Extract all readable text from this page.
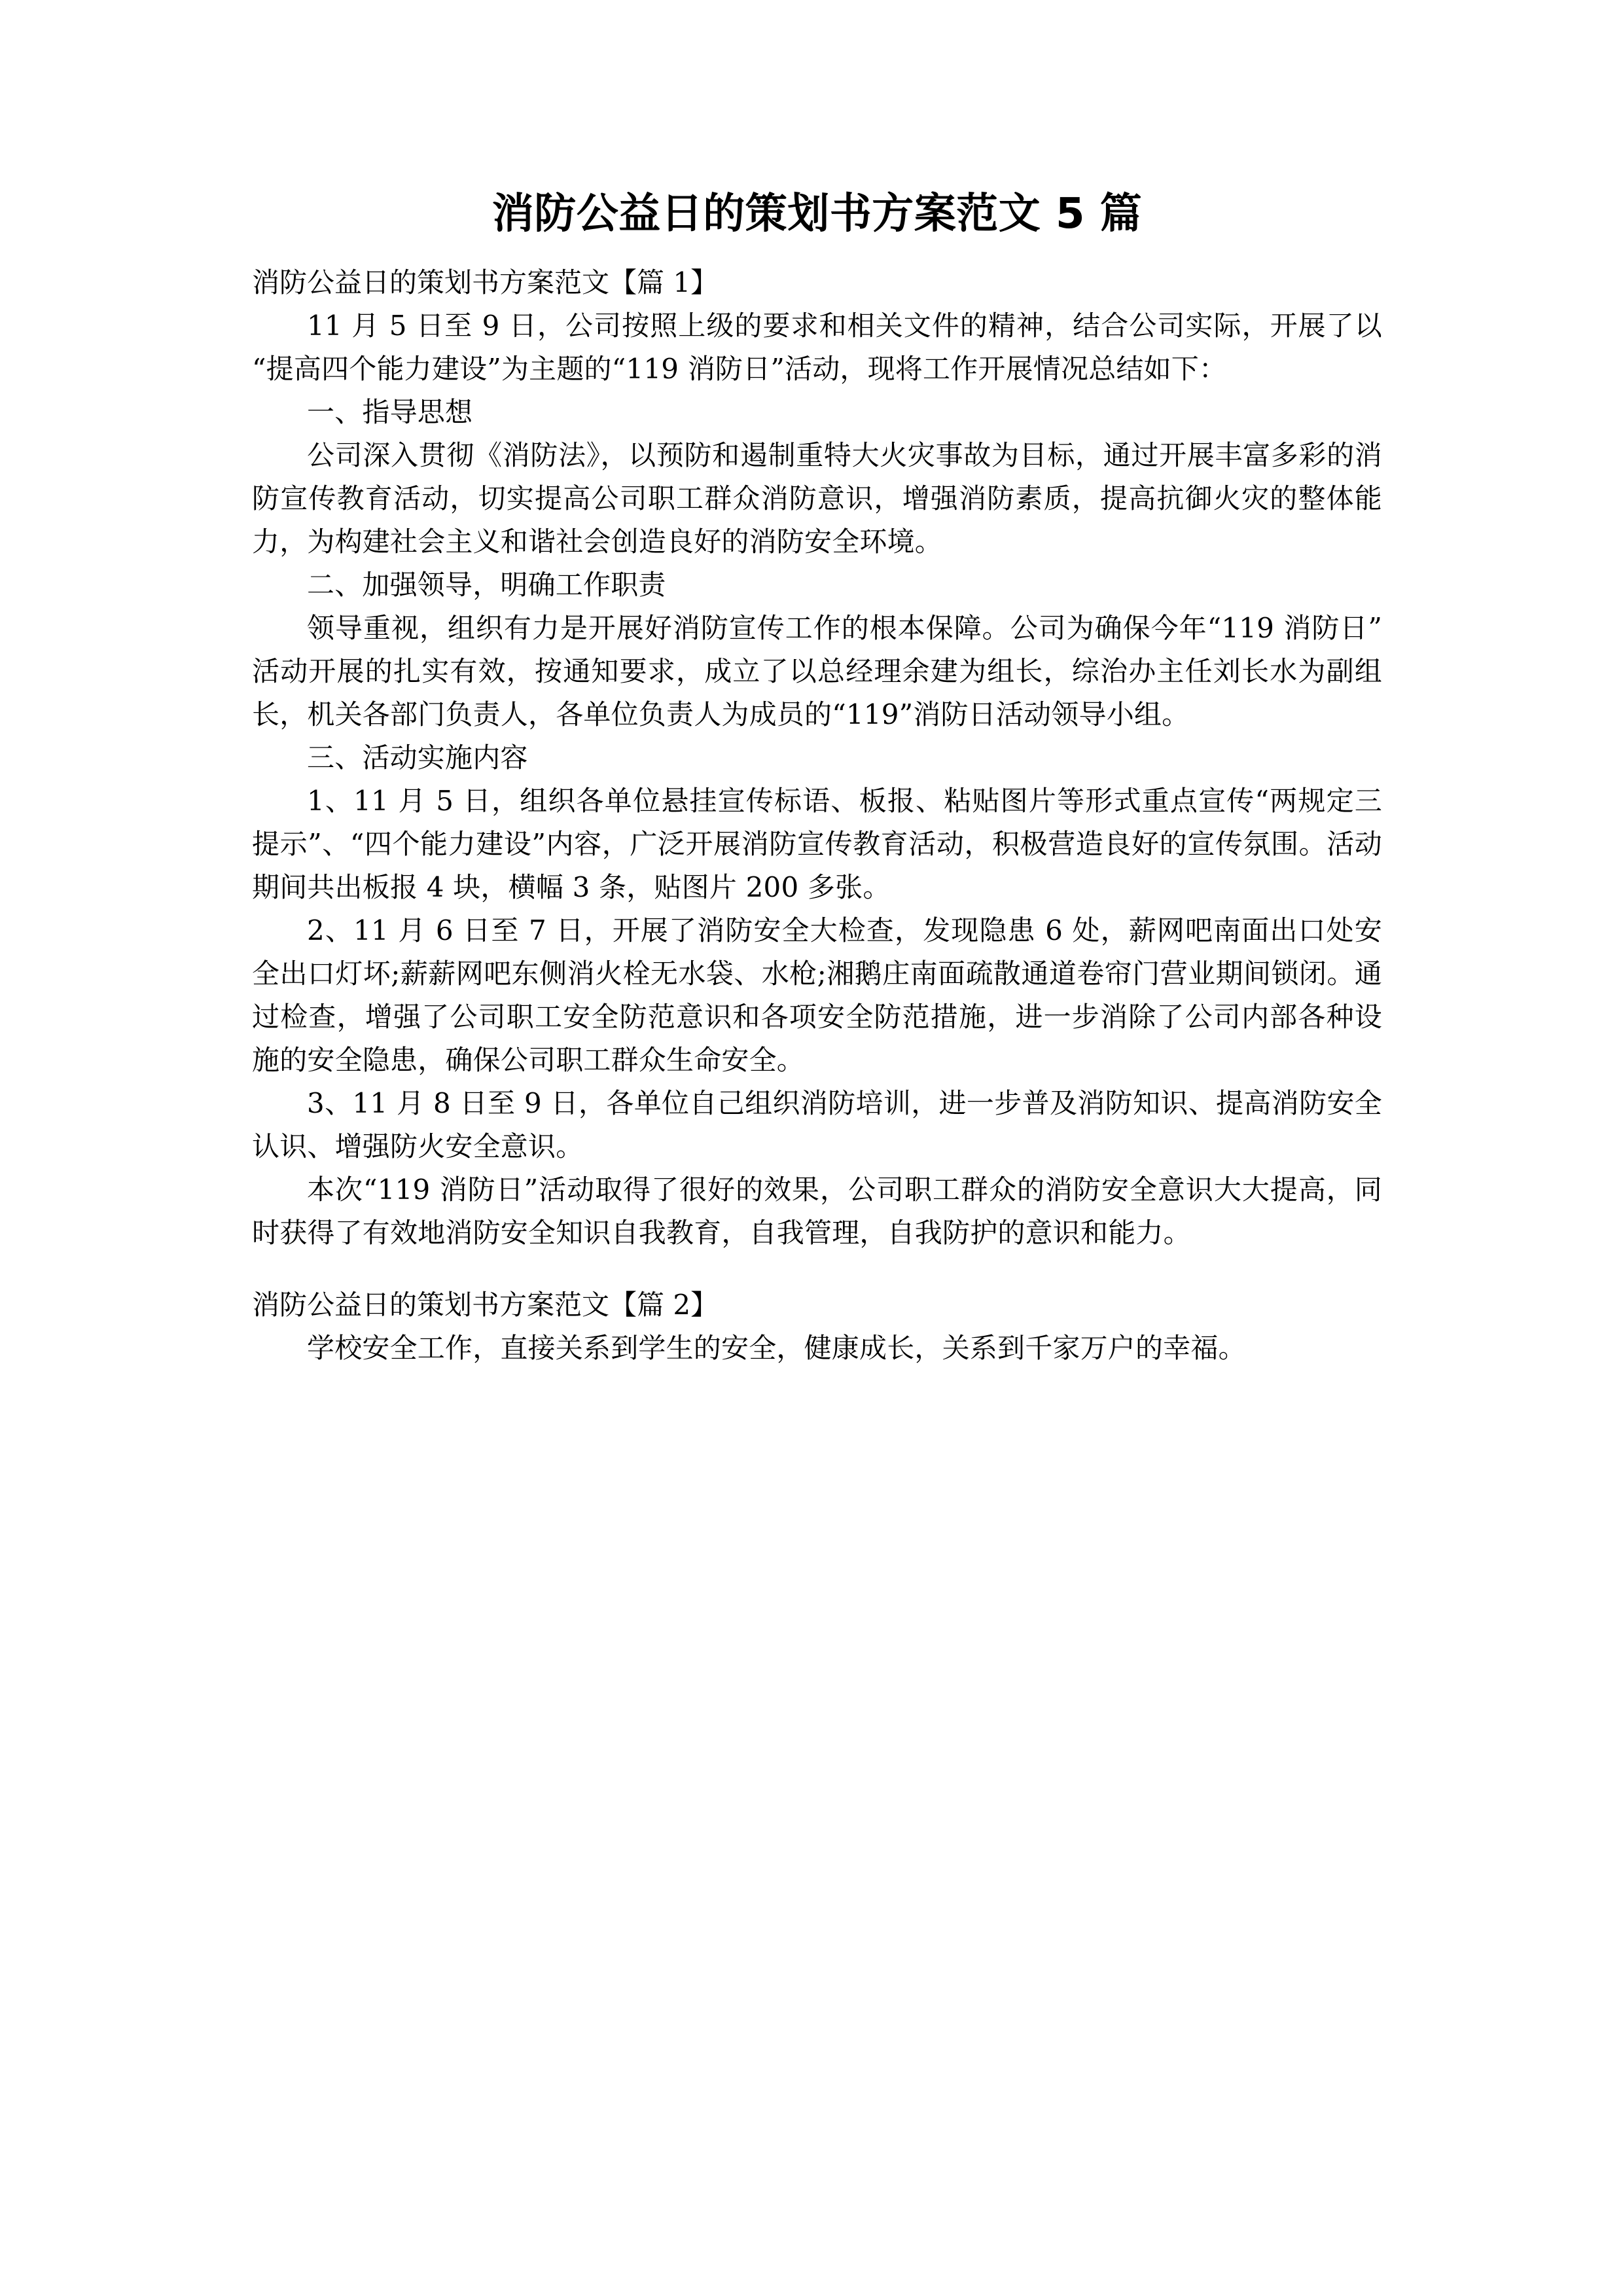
消防公益日的策划书方案范文 5 篇

消防公益日的策划书方案范文【篇 1】

11 月 5 日至 9 日，公司按照上级的要求和相关文件的精神，结合公司实际，开展了以“提高四个能力建设”为主题的“119 消防日”活动，现将工作开展情况总结如下：

一、指导思想

公司深入贯彻《消防法》，以预防和遏制重特大火灾事故为目标，通过开展丰富多彩的消防宣传教育活动，切实提高公司职工群众消防意识，增强消防素质，提高抗御火灾的整体能力，为构建社会主义和谐社会创造良好的消防安全环境。

二、加强领导，明确工作职责

领导重视，组织有力是开展好消防宣传工作的根本保障。公司为确保今年“119 消防日”活动开展的扎实有效，按通知要求，成立了以总经理余建为组长，综治办主任刘长水为副组长，机关各部门负责人，各单位负责人为成员的“119”消防日活动领导小组。

三、活动实施内容

1、11 月 5 日，组织各单位悬挂宣传标语、板报、粘贴图片等形式重点宣传“两规定三提示”、“四个能力建设”内容，广泛开展消防宣传教育活动，积极营造良好的宣传氛围。活动期间共出板报 4 块，横幅 3 条，贴图片 200 多张。

2、11 月 6 日至 7 日，开展了消防安全大检查，发现隐患 6 处，薪网吧南面出口处安全出口灯坏;薪薪网吧东侧消火栓无水袋、水枪;湘鹅庄南面疏散通道卷帘门营业期间锁闭。通过检查，增强了公司职工安全防范意识和各项安全防范措施，进一步消除了公司内部各种设施的安全隐患，确保公司职工群众生命安全。

3、11 月 8 日至 9 日，各单位自己组织消防培训，进一步普及消防知识、提高消防安全认识、增强防火安全意识。

本次“119 消防日”活动取得了很好的效果，公司职工群众的消防安全意识大大提高，同时获得了有效地消防安全知识自我教育，自我管理，自我防护的意识和能力。

消防公益日的策划书方案范文【篇 2】

学校安全工作，直接关系到学生的安全，健康成长，关系到千家万户的幸福。
